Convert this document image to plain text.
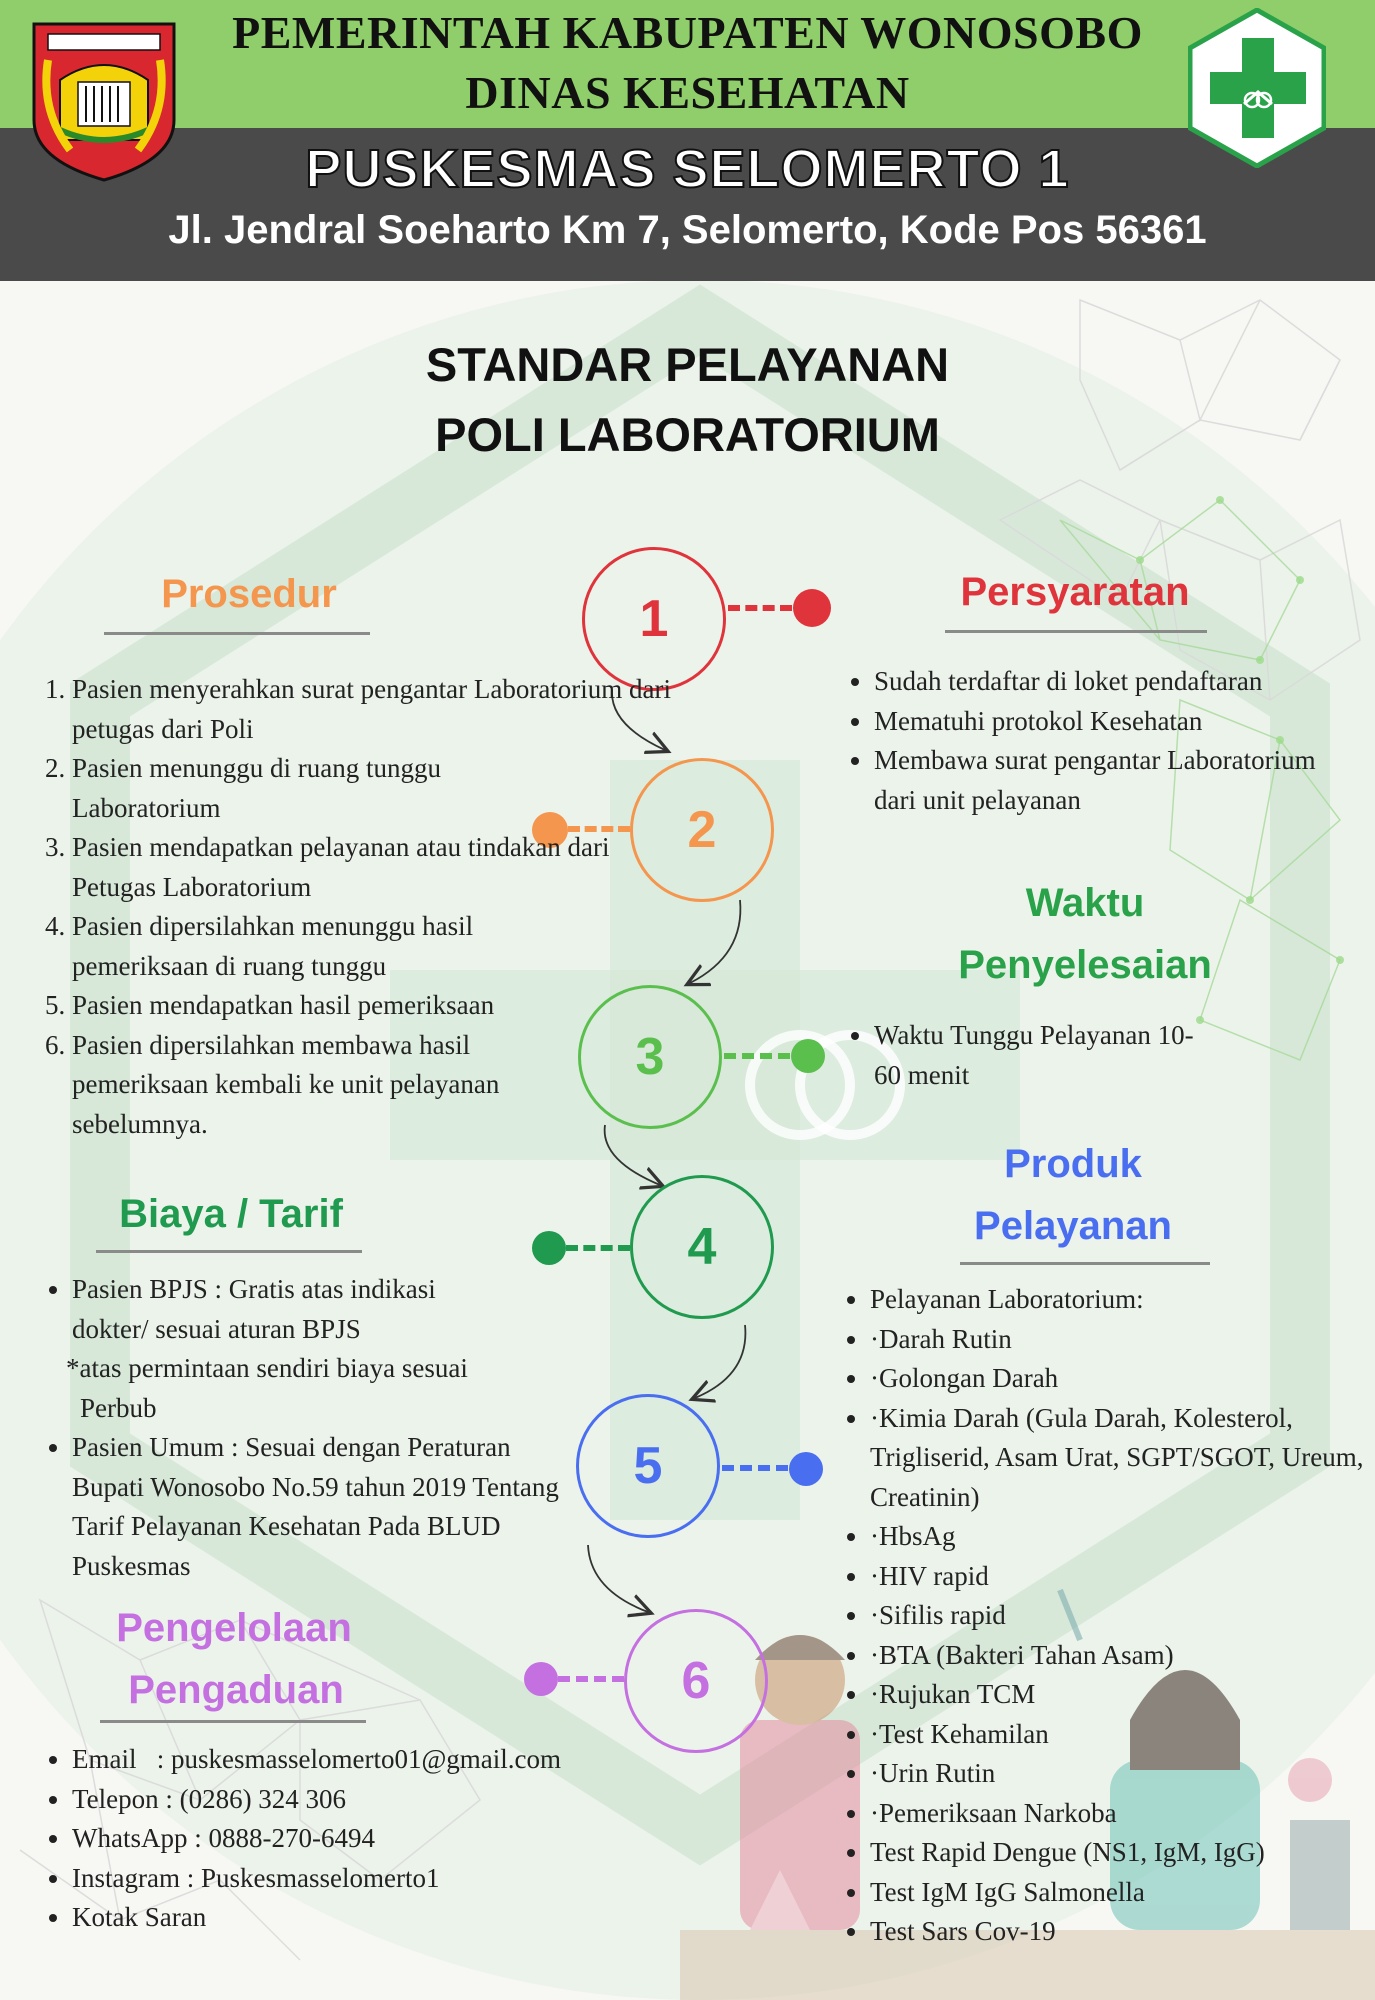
PEMERINTAH KABUPATEN WONOSOBO
DINAS KESEHATAN
PUSKESMAS SELOMERTO 1
Jl. Jendral Soeharto Km 7, Selomerto, Kode Pos 56361
STANDAR PELAYANAN
POLI LABORATORIUM
1
2
3
4
5
6
Prosedur
1. Pasien menyerahkan surat pengantar Laboratorium dari petugas dari Poli
2. Pasien menunggu di ruang tunggu Laboratorium
3. Pasien mendapatkan pelayanan atau tindakan dari Petugas Laboratorium
4. Pasien dipersilahkan menunggu hasil pemeriksaan di ruang tunggu
5. Pasien mendapatkan hasil pemeriksaan
6. Pasien dipersilahkan membawa hasil pemeriksaan kembali ke unit pelayanan sebelumnya.
Persyaratan
• Sudah terdaftar di loket pendaftaran
• Mematuhi protokol Kesehatan
• Membawa surat pengantar Laboratorium dari unit pelayanan
Waktu
Penyelesaian
• Waktu Tunggu Pelayanan 10-60 menit
Biaya / Tarif
• Pasien BPJS : Gratis atas indikasi dokter/ sesuai aturan BPJS
*atas permintaan sendiri biaya sesuai
Perbub
• Pasien Umum : Sesuai dengan Peraturan Bupati Wonosobo No.59 tahun 2019 Tentang Tarif Pelayanan Kesehatan Pada BLUD Puskesmas
Produk
Pelayanan
• Pelayanan Laboratorium:
• ·Darah Rutin
• ·Golongan Darah
• ·Kimia Darah (Gula Darah, Kolesterol, Trigliserid, Asam Urat, SGPT/SGOT, Ureum, Creatinin)
• ·HbsAg
• ·HIV rapid
• ·Sifilis rapid
• ·BTA (Bakteri Tahan Asam)
• ·Rujukan TCM
• ·Test Kehamilan
• ·Urin Rutin
• ·Pemeriksaan Narkoba
• Test Rapid Dengue (NS1, IgM, IgG)
• Test IgM IgG Salmonella
• Test Sars Cov-19
Pengelolaan
Pengaduan
• Email   : puskesmasselomerto01@gmail.com
• Telepon : (0286) 324 306
• WhatsApp : 0888-270-6494
• Instagram : Puskesmasselomerto1
• Kotak Saran
